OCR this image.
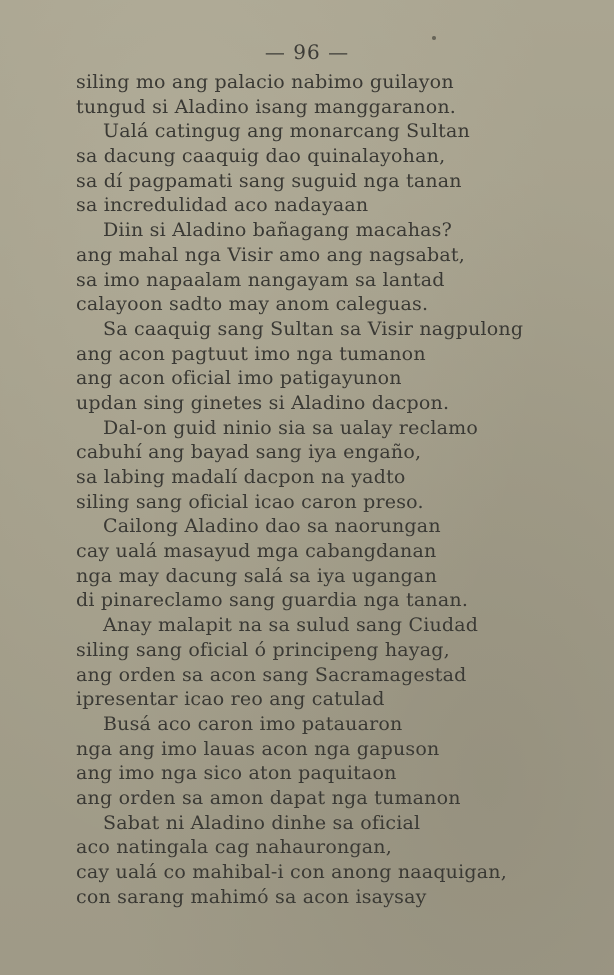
— 96 —
siling mo ang palacio nabimo guilayon
tungud si Aladino isang manggaranon.
Ualá catingug ang monarcang Sultan
sa dacung caaquig dao quinalayohan,
sa dí pagpamati sang suguid nga tanan
sa incredulidad aco nadayaan
Diin si Aladino bañagang macahas?
ang mahal nga Visir amo ang nagsabat,
sa imo napaalam nangayam sa lantad
calayoon sadto may anom caleguas.
Sa caaquig sang Sultan sa Visir nagpulong
ang acon pagtuut imo nga tumanon
ang acon oficial imo patigayunon
updan sing ginetes si Aladino dacpon.
Dal-on guid ninio sia sa ualay reclamo
cabuhí ang bayad sang iya engaño,
sa labing madalí dacpon na yadto
siling sang oficial icao caron preso.
Cailong Aladino dao sa naorungan
cay ualá masayud mga cabangdanan
nga may dacung salá sa iya ugangan
di pinareclamo sang guardia nga tanan.
Anay malapit na sa sulud sang Ciudad
siling sang oficial ó principeng hayag,
ang orden sa acon sang Sacramagestad
ipresentar icao reo ang catulad
Busá aco caron imo patauaron
nga ang imo lauas acon nga gapuson
ang imo nga sico aton paquitaon
ang orden sa amon dapat nga tumanon
Sabat ni Aladino dinhe sa oficial
aco natingala cag nahaurongan,
cay ualá co mahibal-i con anong naaquigan,
con sarang mahimó sa acon isaysay
